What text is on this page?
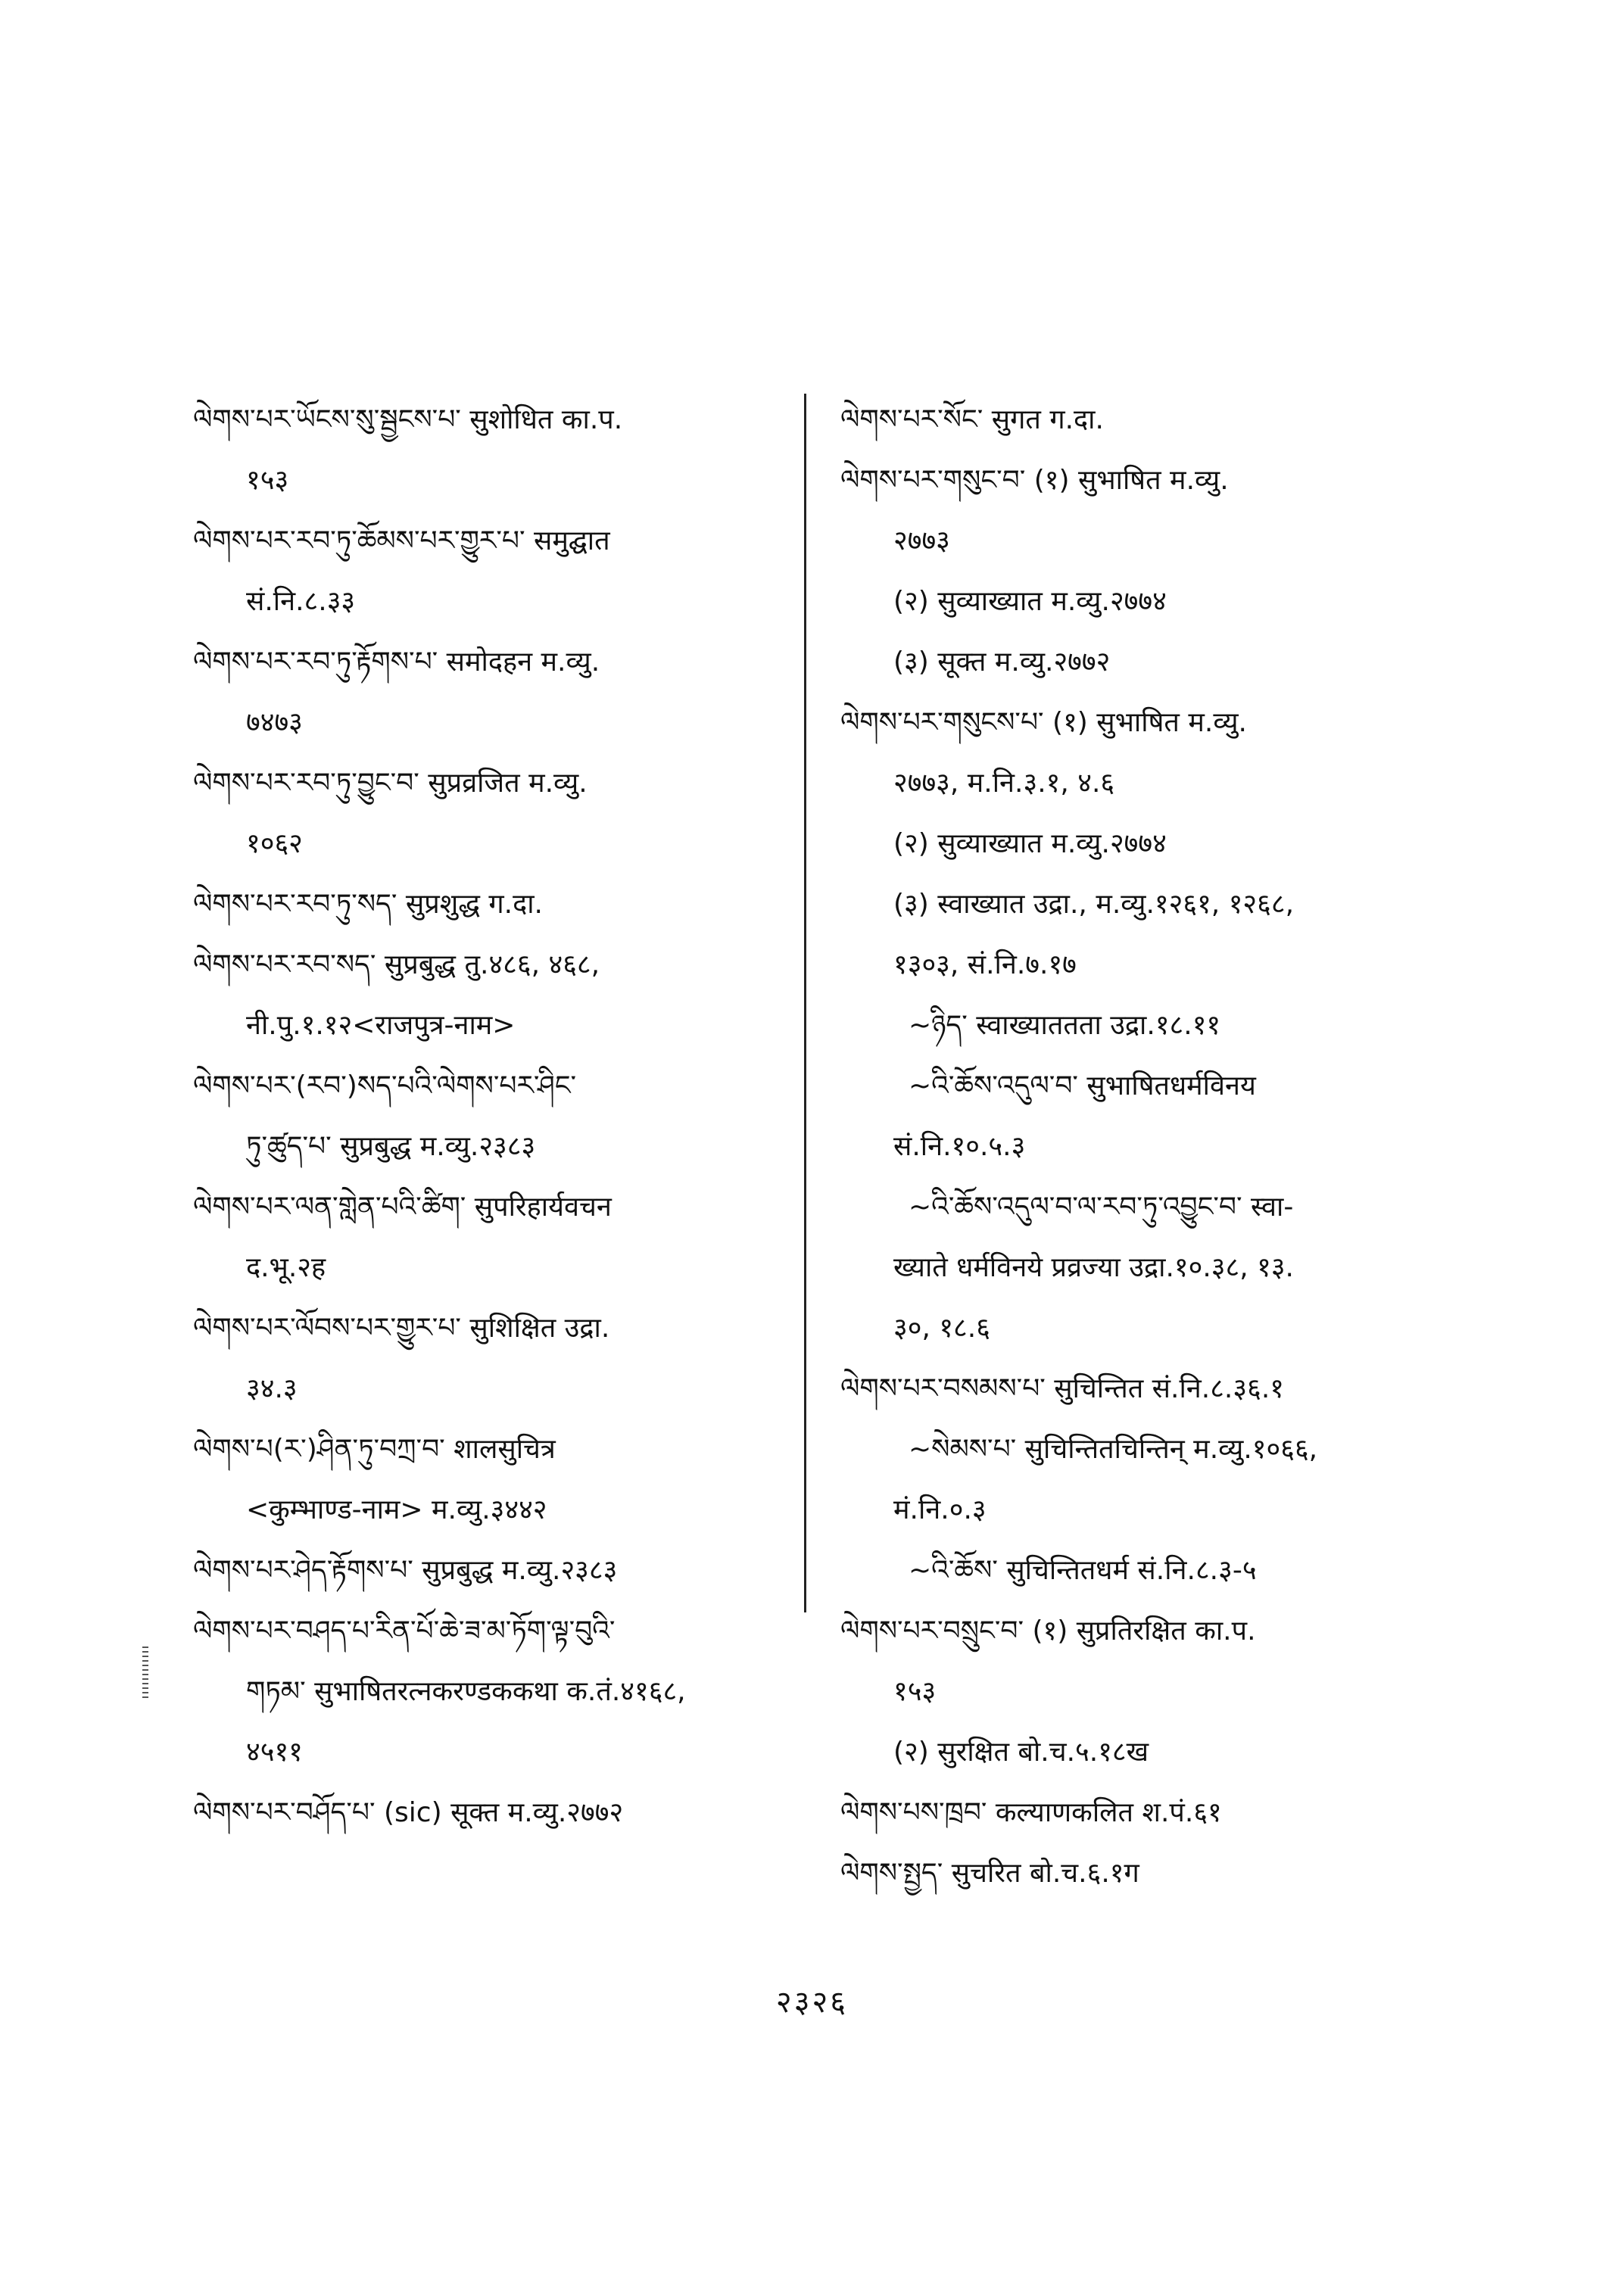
ལེགས་པར་ཡོངས་སུ་སྦྱངས་པ་ सुशोधित का.प.
१५३
ལེགས་པར་རབ་ཏུ་ཆོམས་པར་གྱུར་པ་ समुद्घात
सं.नि.८.३३
ལེགས་པར་རབ་ཏུ་རྟོགས་པ་ समोदहन म.व्यु.
७४७३
ལེགས་པར་རབ་ཏུ་བྱུང་བ་ सुप्रव्रजित म.व्यु.
१०६२
ལེགས་པར་རབ་ཏུ་སད་ सुप्रशुद्ध ग.दा.
ལེགས་པར་རབ་སད་ सुप्रबुद्ध तु.४८६, ४६८,
नी.पु.१.१२<राजपुत्र-नाम>
ལེགས་པར་(རབ་)སད་པའི་ལེགས་པར་ཤིང་
ཏུ་ཚུད་པ་ सुप्रबुद्ध म.व्यु.२३८३
ལེགས་པར་ལན་གླེན་པའི་ཚིག་ सुपरिहार्यवचन
द.भू.२ह
ལེགས་པར་ལོབས་པར་གྱུར་པ་ सुशिक्षित उद्रा.
३४.३
ལེགས་པ(ར་)ཤིན་ཏུ་བཀྲ་བ་ शालसुचित्र
<कुम्भाण्ड-नाम> म.व्यु.३४४२
ལེགས་པར་ཤེད་རྟོགས་པ་ सुप्रबुद्ध म.व्यु.२३८३
ལེགས་པར་བཤད་པ་རིན་པོ་ཆེ་ཟ་མ་ཏོག་ལྟ་བུའི་
གཏམ་ सुभाषितरत्नकरण्डककथा क.तं.४१६८,
४५११
ལེགས་པར་བཤོད་པ་ (sic) सूक्त म.व्यु.२७७२
ལེགས་པར་སོང་ सुगत ग.दा.
ལེགས་པར་གསུང་བ་ (१) सुभाषित म.व्यु.
२७७३
(२) सुव्याख्यात म.व्यु.२७७४
(३) सूक्त म.व्यु.२७७२
ལེགས་པར་གསུངས་པ་ (१) सुभाषित म.व्यु.
२७७३, म.नि.३.१, ४.६
(२) सुव्याख्यात म.व्यु.२७७४
(३) स्वाख्यात उद्रा., म.व्यु.१२६१, १२६८,
१३०३, सं.नि.७.१७
~ཉིད་ स्वाख्याततता उद्रा.१८.११
~འི་ཆོས་འདུལ་བ་ सुभाषितधर्मविनय
सं.नि.१०.५.३
~འི་ཆོས་འདུལ་བ་ལ་རབ་ཏུ་འབྱུང་བ་ स्वा-
ख्याते धर्मविनये प्रव्रज्या उद्रा.१०.३८, १३.
३०, १८.६
ལེགས་པར་བསམས་པ་ सुचिन्तित सं.नि.८.३६.१
~སེམས་པ་ सुचिन्तितचिन्तिन् म.व्यु.१०६६,
मं.नि.०.३
~འི་ཆོས་ सुचिन्तितधर्म सं.नि.८.३-५
ལེགས་པར་བསྲུང་བ་ (१) सुप्रतिरक्षित का.प.
१५३
(२) सुरक्षित बो.च.५.१८ख
ལེགས་པས་ཁྲབ་ कल्याणकलित श.पं.६१
ལེགས་སྤྱད་ सुचरित बो.च.६.१ग
२३२६
